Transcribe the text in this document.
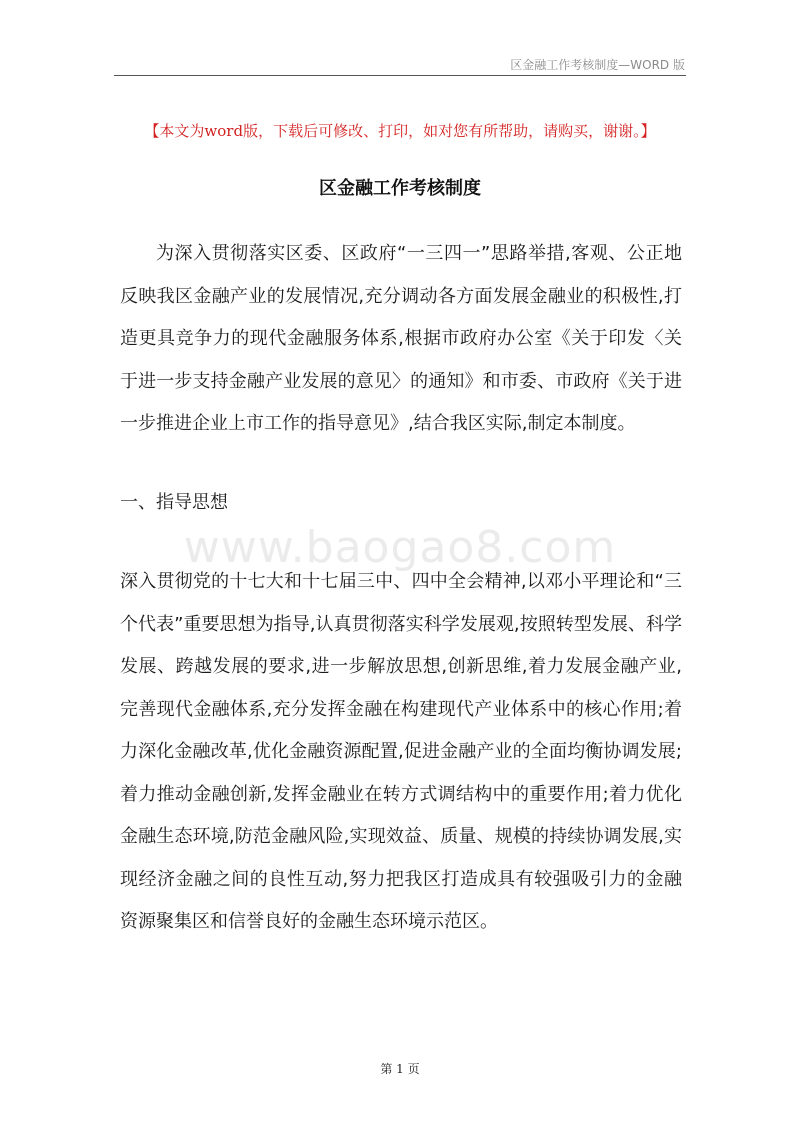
区金融工作考核制度—WORD 版
【本文为word版，下载后可修改、打印，如对您有所帮助，请购买，谢谢。】
区金融工作考核制度

为深入贯彻落实区委、区政府“一三四一”思路举措,客观、公正地反映我区金融产业的发展情况,充分调动各方面发展金融业的积极性,打造更具竞争力的现代金融服务体系,根据市政府办公室《关于印发〈关于进一步支持金融产业发展的意见〉的通知》和市委、市政府《关于进一步推进企业上市工作的指导意见》,结合我区实际,制定本制度。

一、指导思想
www.baogao8.com

深入贯彻党的十七大和十七届三中、四中全会精神,以邓小平理论和“三个代表”重要思想为指导,认真贯彻落实科学发展观,按照转型发展、科学发展、跨越发展的要求,进一步解放思想,创新思维,着力发展金融产业,完善现代金融体系,充分发挥金融在构建现代产业体系中的核心作用;着力深化金融改革,优化金融资源配置,促进金融产业的全面均衡协调发展;着力推动金融创新,发挥金融业在转方式调结构中的重要作用;着力优化金融生态环境,防范金融风险,实现效益、质量、规模的持续协调发展,实现经济金融之间的良性互动,努力把我区打造成具有较强吸引力的金融资源聚集区和信誉良好的金融生态环境示范区。

第 1 页
